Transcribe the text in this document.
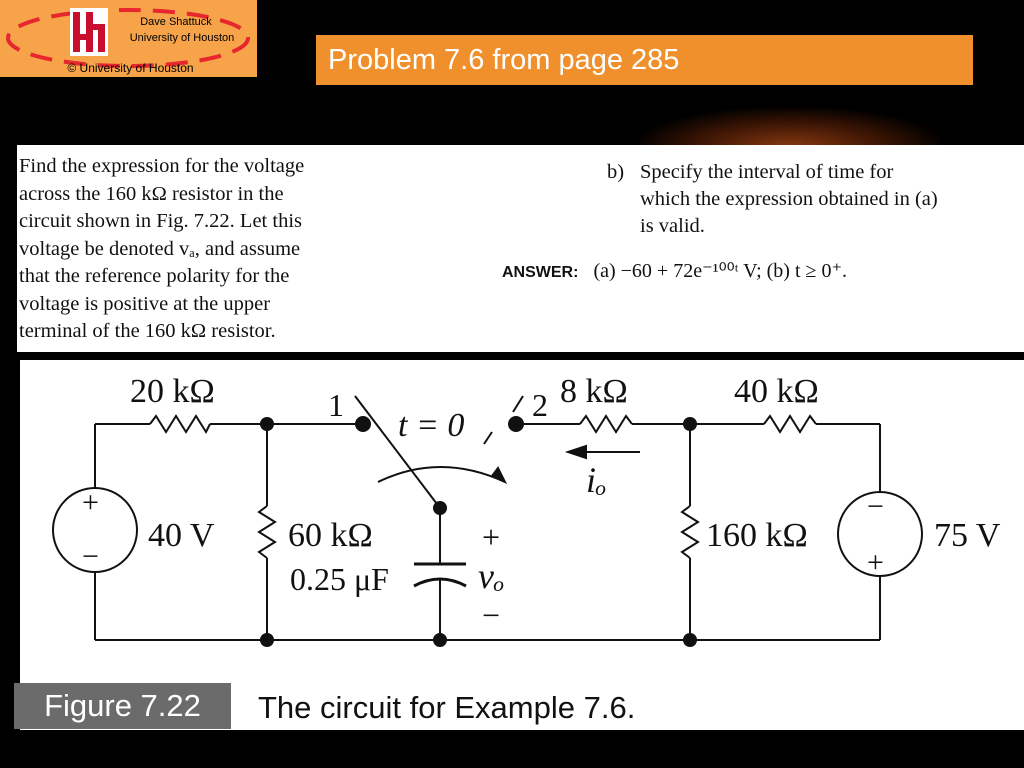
Dave Shattuck
University of Houston
© University of Houston	Problem 7.6 from page 285
Find the expression for the voltage
across the 160 kΩ resistor in the
circuit shown in Fig. 7.22. Let this
voltage be denoted vₐ, and assume
that the reference polarity for the
voltage is positive at the upper
terminal of the 160 kΩ resistor.
b) Specify the interval of time for
which the expression obtained in (a)
is valid.
ANSWER: (a) −60 + 72e⁻¹⁰⁰ᵗ V; (b) t ≥ 0⁺.
20 kΩ	1
t = 0
2 8 kΩ	40 kΩ
iₒ
+
−
40 V 60 kΩ
0.25 μF
+
vₒ
−
160 kΩ
−
+
75 V
Figure 7.22	The circuit for Example 7.6.
